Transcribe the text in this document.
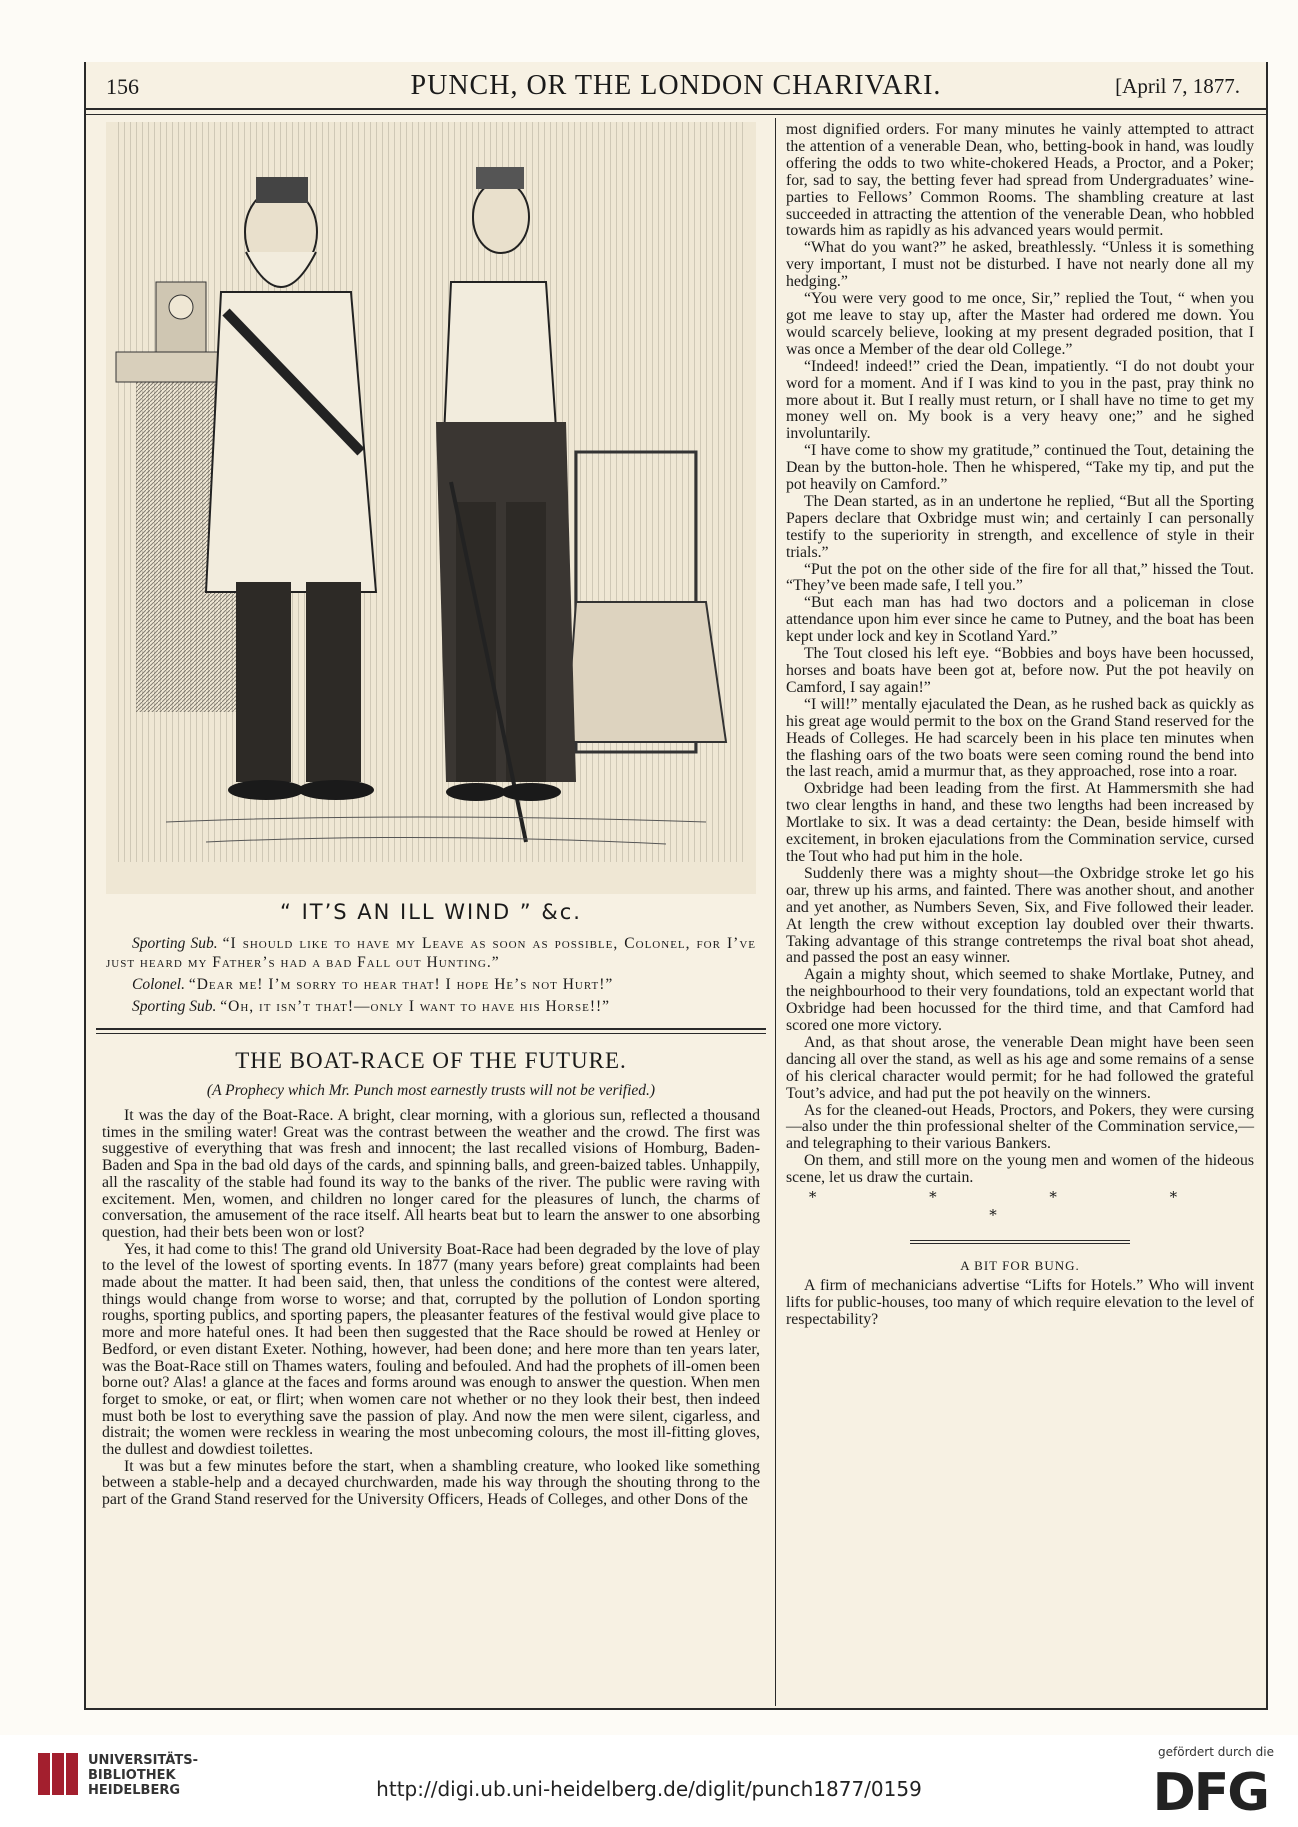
156	PUNCH, OR THE LONDON CHARIVARI.	[April 7, 1877.
“ IT’S AN ILL WIND ” &c.

Sporting Sub. “I should like to have my Leave as soon as possible, Colonel, for I’ve just heard my Father’s had a bad Fall out Hunting.”

Colonel. “Dear me! I’m sorry to hear that! I hope He’s not Hurt!”

Sporting Sub. “Oh, it isn’t that!—only I want to have his Horse!!”

THE BOAT-RACE OF THE FUTURE.
(A Prophecy which Mr. Punch most earnestly trusts will not be verified.)

It was the day of the Boat-Race. A bright, clear morning, with a glorious sun, reflected a thousand times in the smiling water! Great was the contrast between the weather and the crowd. The first was suggestive of everything that was fresh and innocent; the last recalled visions of Homburg, Baden-Baden and Spa in the bad old days of the cards, and spinning balls, and green-baized tables. Unhappily, all the rascality of the stable had found its way to the banks of the river. The public were raving with excitement. Men, women, and children no longer cared for the pleasures of lunch, the charms of conversation, the amusement of the race itself. All hearts beat but to learn the answer to one absorbing question, had their bets been won or lost?

Yes, it had come to this! The grand old University Boat-Race had been degraded by the love of play to the level of the lowest of sporting events. In 1877 (many years before) great complaints had been made about the matter. It had been said, then, that unless the conditions of the contest were altered, things would change from worse to worse; and that, corrupted by the pollution of London sporting roughs, sporting publics, and sporting papers, the pleasanter features of the festival would give place to more and more hateful ones. It had been then suggested that the Race should be rowed at Henley or Bedford, or even distant Exeter. Nothing, however, had been done; and here more than ten years later, was the Boat-Race still on Thames waters, fouling and befouled. And had the prophets of ill-omen been borne out? Alas! a glance at the faces and forms around was enough to answer the question. When men forget to smoke, or eat, or flirt; when women care not whether or no they look their best, then indeed must both be lost to everything save the passion of play. And now the men were silent, cigarless, and distrait; the women were reckless in wearing the most unbecoming colours, the most ill-fitting gloves, the dullest and dowdiest toilettes.

It was but a few minutes before the start, when a shambling creature, who looked like something between a stable-help and a decayed churchwarden, made his way through the shouting throng to the part of the Grand Stand reserved for the University Officers, Heads of Colleges, and other Dons of the

most dignified orders. For many minutes he vainly attempted to attract the attention of a venerable Dean, who, betting-book in hand, was loudly offering the odds to two white-chokered Heads, a Proctor, and a Poker; for, sad to say, the betting fever had spread from Undergraduates’ wine-parties to Fellows’ Common Rooms. The shambling creature at last succeeded in attracting the attention of the venerable Dean, who hobbled towards him as rapidly as his advanced years would permit.

“What do you want?” he asked, breathlessly. “Unless it is something very important, I must not be disturbed. I have not nearly done all my hedging.”

“You were very good to me once, Sir,” replied the Tout, “ when you got me leave to stay up, after the Master had ordered me down. You would scarcely believe, looking at my present degraded position, that I was once a Member of the dear old College.”

“Indeed! indeed!” cried the Dean, impatiently. “I do not doubt your word for a moment. And if I was kind to you in the past, pray think no more about it. But I really must return, or I shall have no time to get my money well on. My book is a very heavy one;” and he sighed involuntarily.

“I have come to show my gratitude,” continued the Tout, detaining the Dean by the button-hole. Then he whispered, “Take my tip, and put the pot heavily on Camford.”

The Dean started, as in an undertone he replied, “But all the Sporting Papers declare that Oxbridge must win; and certainly I can personally testify to the superiority in strength, and excellence of style in their trials.”

“Put the pot on the other side of the fire for all that,” hissed the Tout. “They’ve been made safe, I tell you.”

“But each man has had two doctors and a policeman in close attendance upon him ever since he came to Putney, and the boat has been kept under lock and key in Scotland Yard.”

The Tout closed his left eye. “Bobbies and boys have been hocussed, horses and boats have been got at, before now. Put the pot heavily on Camford, I say again!”

“I will!” mentally ejaculated the Dean, as he rushed back as quickly as his great age would permit to the box on the Grand Stand reserved for the Heads of Colleges. He had scarcely been in his place ten minutes when the flashing oars of the two boats were seen coming round the bend into the last reach, amid a murmur that, as they approached, rose into a roar.

Oxbridge had been leading from the first. At Hammersmith she had two clear lengths in hand, and these two lengths had been increased by Mortlake to six. It was a dead certainty: the Dean, beside himself with excitement, in broken ejaculations from the Commination service, cursed the Tout who had put him in the hole.

Suddenly there was a mighty shout—the Oxbridge stroke let go his oar, threw up his arms, and fainted. There was another shout, and another and yet another, as Numbers Seven, Six, and Five followed their leader. At length the crew without exception lay doubled over their thwarts. Taking advantage of this strange contretemps the rival boat shot ahead, and passed the post an easy winner.

Again a mighty shout, which seemed to shake Mortlake, Putney, and the neighbourhood to their very foundations, told an expectant world that Oxbridge had been hocussed for the third time, and that Camford had scored one more victory.

And, as that shout arose, the venerable Dean might have been seen dancing all over the stand, as well as his age and some remains of a sense of his clerical character would permit; for he had followed the grateful Tout’s advice, and had put the pot heavily on the winners.

As for the cleaned-out Heads, Proctors, and Pokers, they were cursing—also under the thin professional shelter of the Commination service,—and telegraphing to their various Bankers.

On them, and still more on the young men and women of the hideous scene, let us draw the curtain.

* * * * *
A BIT FOR BUNG.

A firm of mechanicians advertise “Lifts for Hotels.” Who will invent lifts for public-houses, too many of which require elevation to the level of respectability?

UNIVERSITÄTS-
BIBLIOTHEK
HEIDELBERG	http://digi.ub.uni-heidelberg.de/diglit/punch1877/0159
gefördert durch die
DFG
